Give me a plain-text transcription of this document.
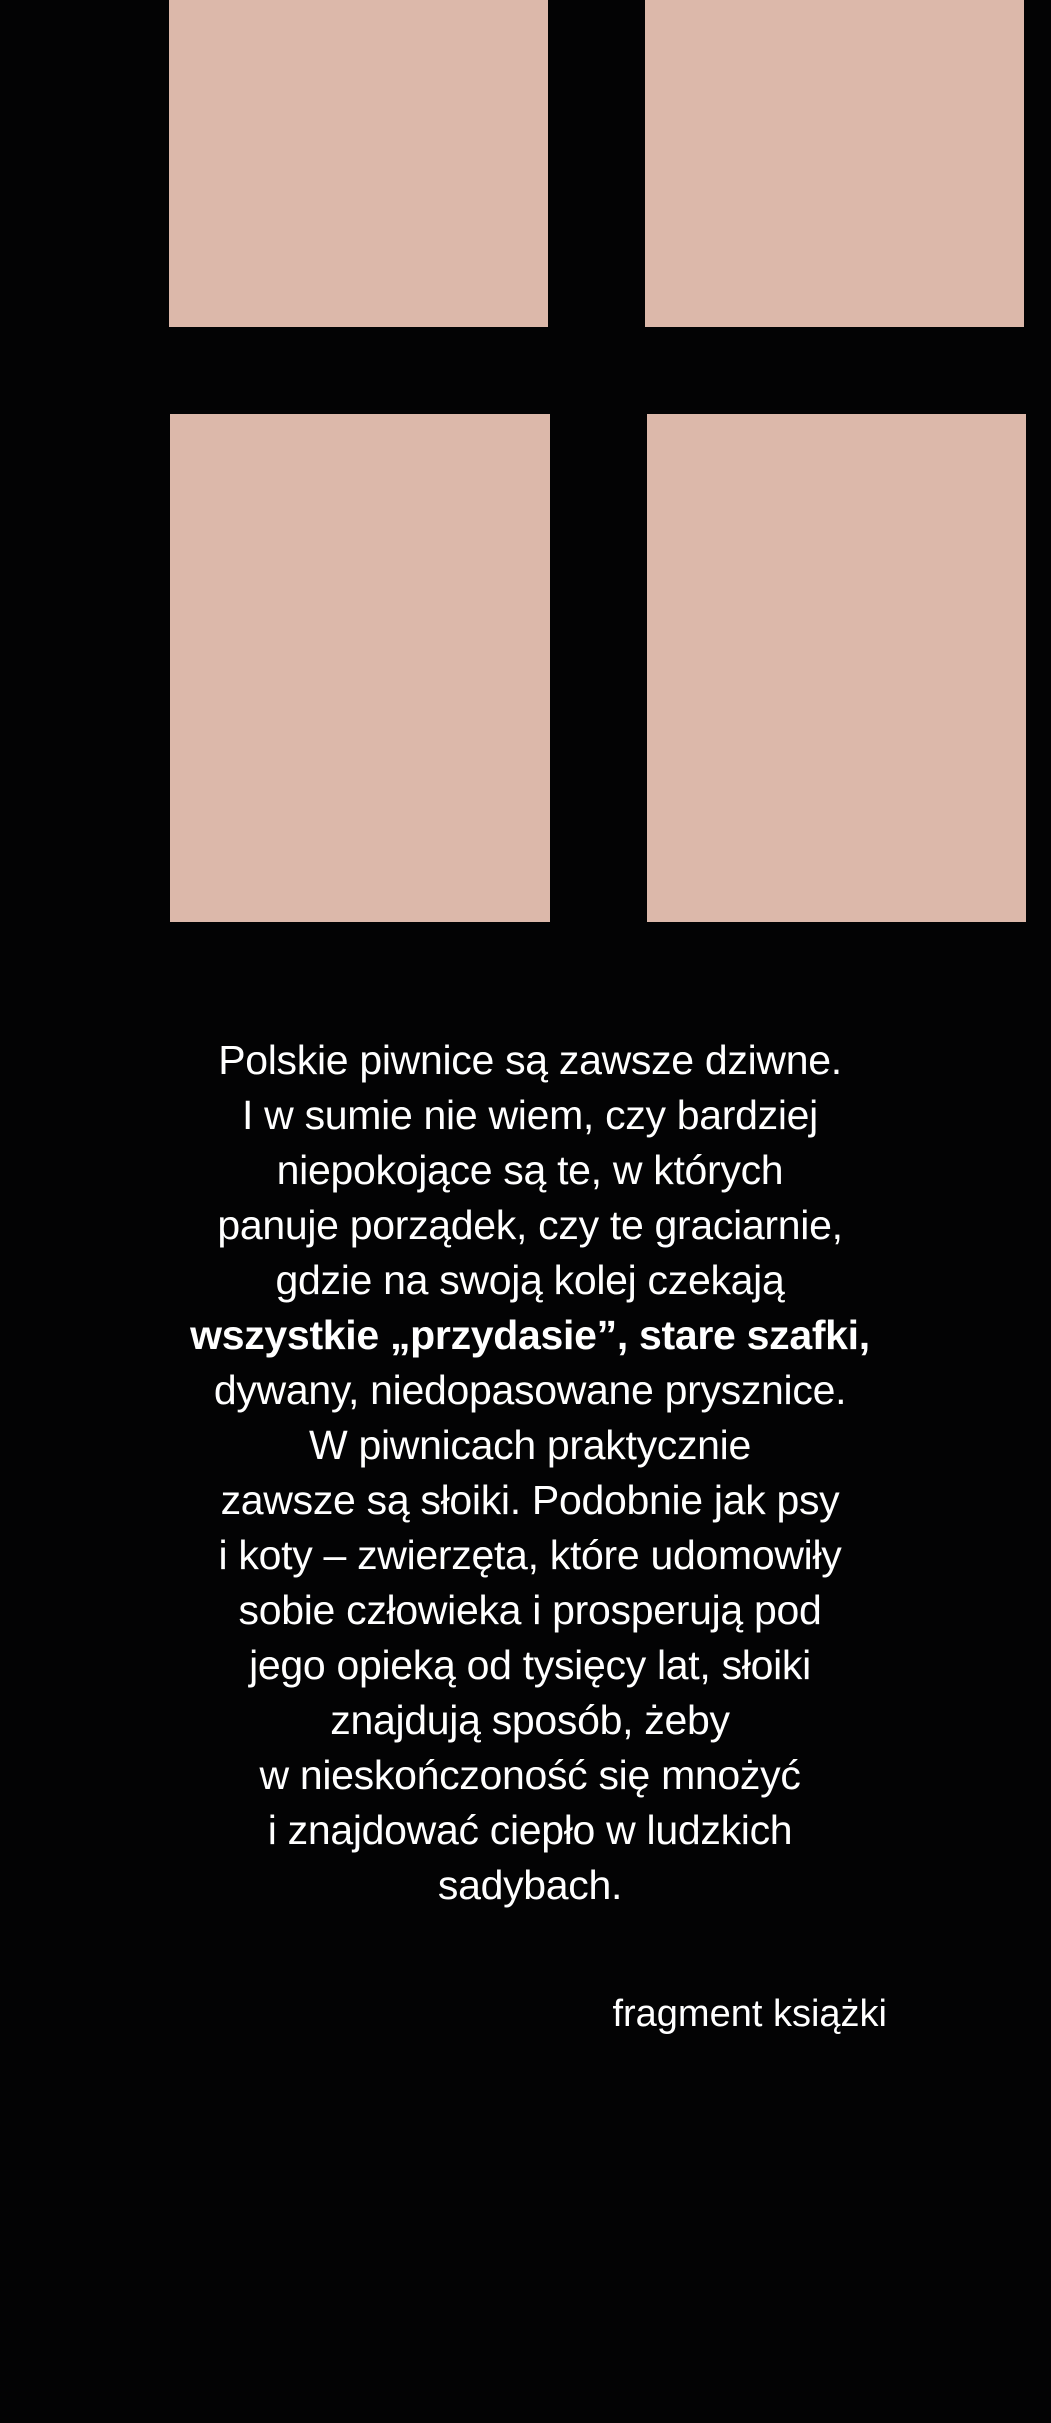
Polskie piwnice są zawsze dziwne.
I w sumie nie wiem, czy bardziej
niepokojące są te, w których
panuje porządek, czy te graciarnie,
gdzie na swoją kolej czekają
wszystkie „przydasie”, stare szafki,
dywany, niedopasowane prysznice.
W piwnicach praktycznie
zawsze są słoiki. Podobnie jak psy
i koty – zwierzęta, które udomowiły
sobie człowieka i prosperują pod
jego opieką od tysięcy lat, słoiki
znajdują sposób, żeby
w nieskończoność się mnożyć
i znajdować ciepło w ludzkich
sadybach.

fragment książki
